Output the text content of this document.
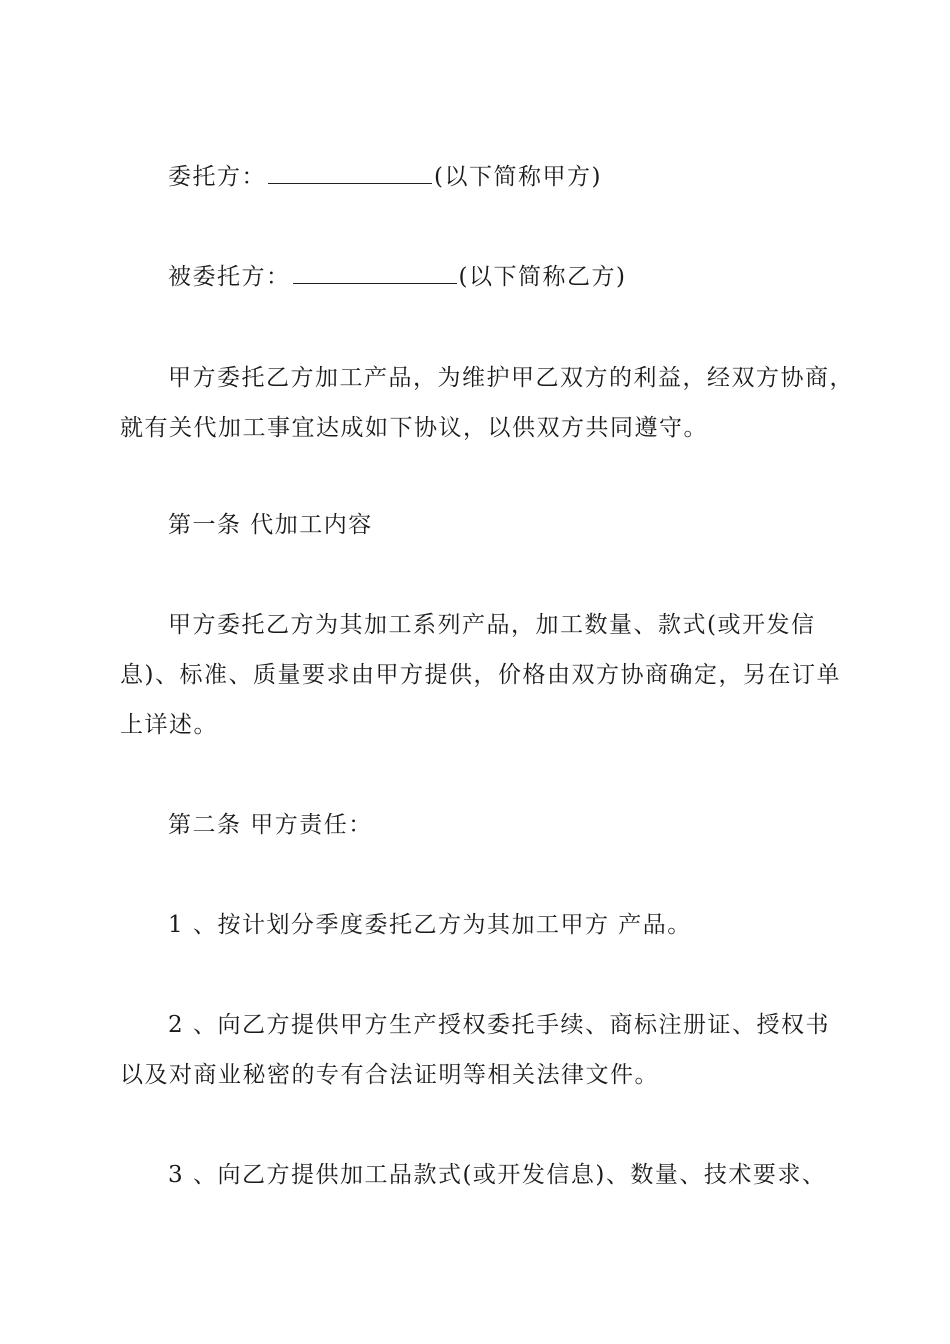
委托方：	(以下简称甲方)
被委托方：	(以下简称乙方)
甲方委托乙方加工产品，为维护甲乙双方的利益，经双方协商，
就有关代加工事宜达成如下协议，以供双方共同遵守。
第一条 代加工内容
甲方委托乙方为其加工系列产品，加工数量、款式(或开发信
息)、标准、质量要求由甲方提供，价格由双方协商确定，另在订单
上详述。
第二条 甲方责任：
1 、按计划分季度委托乙方为其加工甲方 产品。
2 、向乙方提供甲方生产授权委托手续、商标注册证、授权书
以及对商业秘密的专有合法证明等相关法律文件。
3 、向乙方提供加工品款式(或开发信息)、数量、技术要求、
